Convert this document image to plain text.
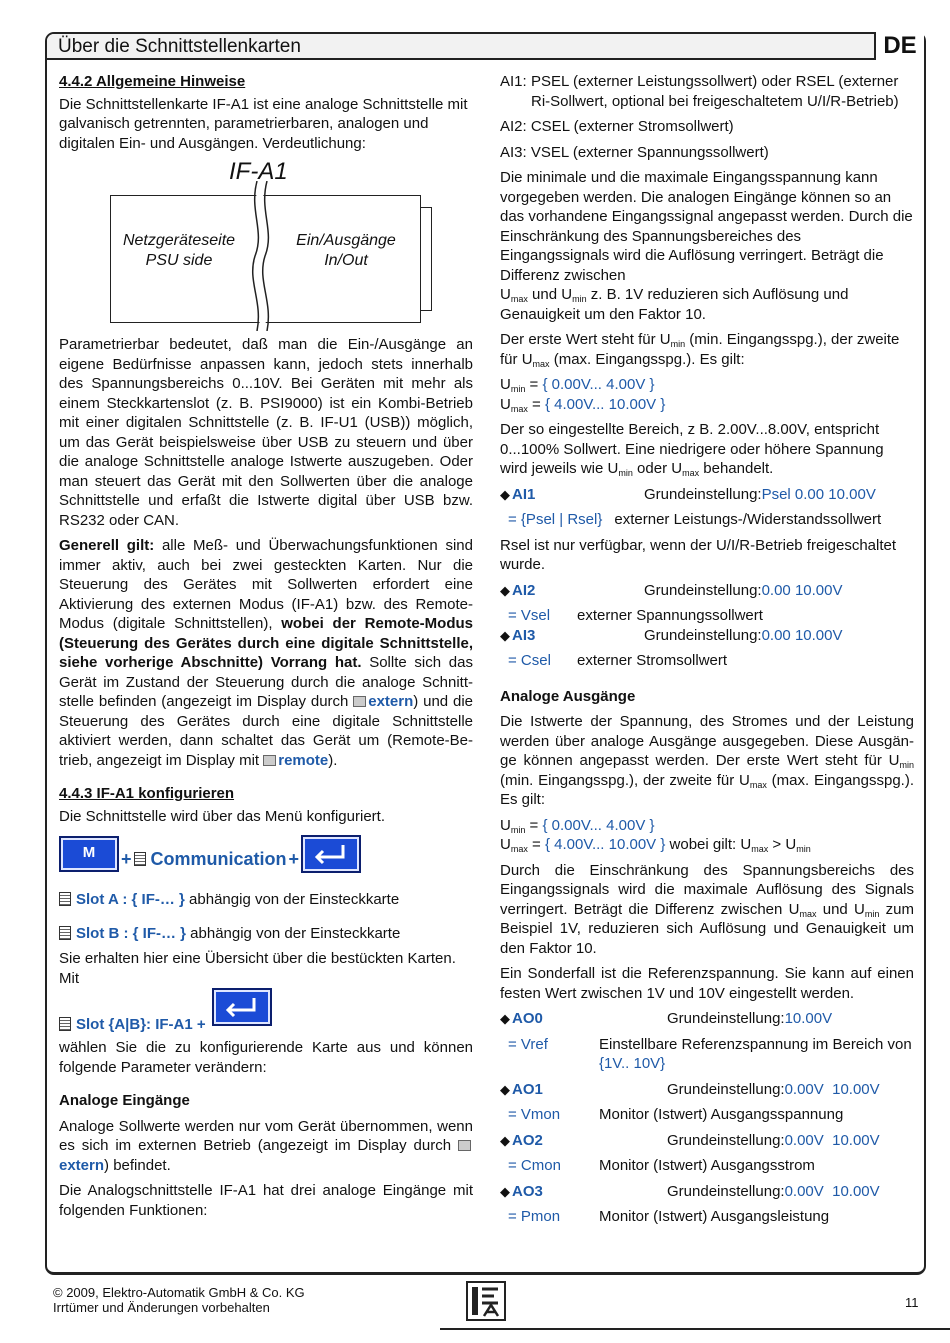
Über die Schnittstellenkarten	DE
4.4.2 Allgemeine Hinweise
Die Schnittstellenkarte IF-A1 ist eine analoge Schnittstelle mit galvanisch getrennten, parametrierbaren, analogen und digitalen Ein- und Ausgängen. Verdeutlichung:
IF-A1
Netzgeräteseite
PSU side
Ein/Ausgänge
In/Out
Parametrierbar bedeutet, daß man die Ein-/Ausgänge an eigene Bedürfnisse anpassen kann, jedoch stets innerhalb des Spannungsbereichs 0...10V. Bei Geräten mit mehr als einem Steckkartenslot (z. B. PSI9000) ist ein Kombi-Betrieb mit einer digitalen Schnittstelle (z. B. IF-U1 (USB)) möglich, um das Gerät beispielsweise über USB zu steuern und über die analoge Schnittstelle analoge Istwerte auszugeben. Oder man steuert das Gerät mit den Sollwerten über die analoge Schnittstelle und erfaßt die Istwerte digital über USB bzw. RS232 oder CAN.
Generell gilt: alle Meß- und Überwachungsfunktionen sind immer aktiv, auch bei zwei gesteckten Karten. Nur die Steuerung des Gerätes mit Sollwerten erfordert eine Aktivierung des externen Modus (IF-A1) bzw. des Remote-Modus (digitale Schnittstellen), wobei der Remote-Modus (Steuerung des Gerätes durch eine digitale Schnittstelle, siehe vorherige Abschnitte) Vorrang hat. Sollte sich das Gerät im Zustand der Steuerung durch die analoge Schnitt-stelle befinden (angezeigt im Display durch extern) und die Steuerung des Gerätes durch eine digitale Schnittstelle aktiviert werden, dann schaltet das Gerät um (Remote-Be-trieb, angezeigt im Display mit remote).
4.4.3 IF-A1 konfigurieren
Die Schnittstelle wird über das Menü konfiguriert.
M	+ Communication +
Slot A : { IF-… } abhängig von der Einsteckkarte
Slot B : { IF-… } abhängig von der Einsteckkarte
Sie erhalten hier eine Übersicht über die bestückten Karten. Mit
Slot {A|B}: IF-A1 +
wählen Sie die zu konfigurierende Karte aus und können folgende Parameter verändern:
Analoge Eingänge
Analoge Sollwerte werden nur vom Gerät übernommen, wenn es sich im externen Betrieb (angezeigt im Display durch extern) befindet.
Die Analogschnittstelle IF-A1 hat drei analoge Eingänge mit folgenden Funktionen:
AI1: PSEL (externer Leistungssollwert) oder RSEL (externer Ri-Sollwert, optional bei freigeschaltetem U/I/R-Betrieb)
AI2: CSEL (externer Stromsollwert)
AI3: VSEL (externer Spannungssollwert)
Die minimale und die maximale Eingangsspannung kann vorgegeben werden. Die analogen Eingänge können so an das vorhandene Eingangssignal angepasst werden. Durch die Einschränkung des Spannungsbereiches des Eingangssignals wird die Auflösung verringert. Beträgt die Differenz zwischen
$U_{max}$ und $U_{min}$ z. B. 1V reduzieren sich Auflösung und Genauigkeit um den Faktor 10.
Der erste Wert steht für $U_{min}$ (min. Eingangsspg.), der zweite für $U_{max}$ (max. Eingangsspg.). Es gilt:
$U_{min}$ = { 0.00V... 4.00V }
$U_{max}$ = { 4.00V... 10.00V }
Der so eingestellte Bereich, z B. 2.00V...8.00V, entspricht 0...100% Sollwert. Eine niedrigere oder höhere Spannung wird jeweils wie $U_{min}$ oder $U_{max}$ behandelt.
◆ AI1	Grundeinstellung: Psel 0.00 10.00V
= {Psel | Rsel} externer Leistungs-/Widerstandssollwert
Rsel ist nur verfügbar, wenn der U/I/R-Betrieb freigeschaltet wurde.
◆ AI2	Grundeinstellung: 0.00 10.00V
= Vsel	externer Spannungssollwert
◆ AI3	Grundeinstellung: 0.00 10.00V
= Csel	externer Stromsollwert
Analoge Ausgänge
Die Istwerte der Spannung, des Stromes und der Leistung werden über analoge Ausgänge ausgegeben. Diese Ausgän-ge können angepasst werden. Der erste Wert steht für $U_{min}$ (min. Eingangsspg.), der zweite für $U_{max}$ (max. Eingangsspg.). Es gilt:
$U_{min}$ = { 0.00V... 4.00V }
$U_{max}$ = { 4.00V... 10.00V } wobei gilt: $U_{max} > U_{min}$
Durch die Einschränkung des Spannungsbereichs des Eingangssignals wird die maximale Auflösung des Signals verringert. Beträgt die Differenz zwischen $U_{max}$ und $U_{min}$ zum Beispiel 1V, reduzieren sich Auflösung und Genauigkeit um den Faktor 10.
Ein Sonderfall ist die Referenzspannung. Sie kann auf einen festen Wert zwischen 1V und 10V eingestellt werden.
◆ AO0	Grundeinstellung: 10.00V
= Vref	Einstellbare Referenzspannung im Bereich von {1V.. 10V}
◆ AO1	Grundeinstellung: 0.00V  10.00V
= Vmon	Monitor (Istwert) Ausgangsspannung
◆ AO2	Grundeinstellung: 0.00V  10.00V
= Cmon	Monitor (Istwert) Ausgangsstrom
◆ AO3	Grundeinstellung: 0.00V  10.00V
= Pmon	Monitor (Istwert) Ausgangsleistung
© 2009, Elektro-Automatik GmbH & Co. KG
Irrtümer und Änderungen vorbehalten	11
